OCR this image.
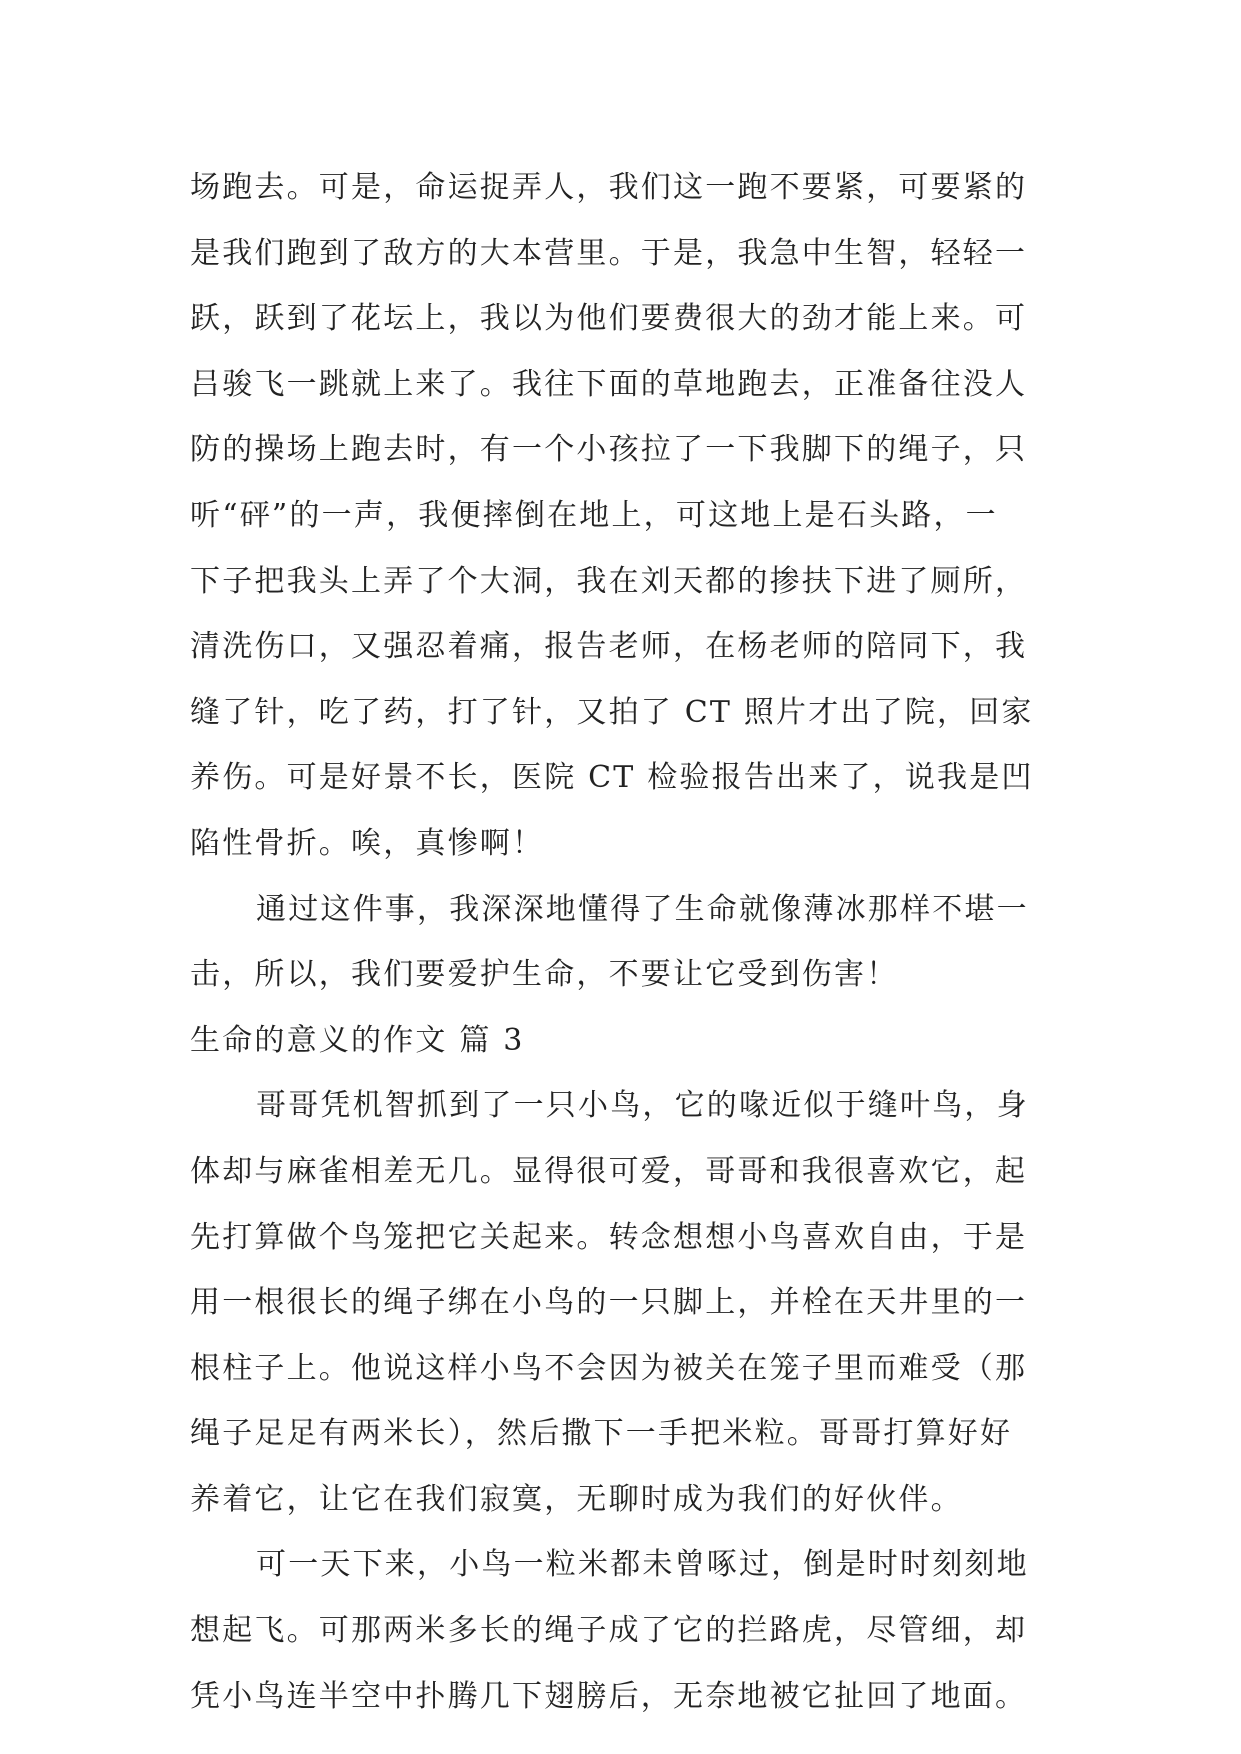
场跑去。可是，命运捉弄人，我们这一跑不要紧，可要紧的
是我们跑到了敌方的大本营里。于是，我急中生智，轻轻一
跃，跃到了花坛上，我以为他们要费很大的劲才能上来。可
吕骏飞一跳就上来了。我往下面的草地跑去，正准备往没人
防的操场上跑去时，有一个小孩拉了一下我脚下的绳子，只
听“砰”的一声，我便摔倒在地上，可这地上是石头路，一
下子把我头上弄了个大洞，我在刘天都的掺扶下进了厕所，
清洗伤口，又强忍着痛，报告老师，在杨老师的陪同下，我
缝了针，吃了药，打了针，又拍了 CT 照片才出了院，回家
养伤。可是好景不长，医院 CT 检验报告出来了，说我是凹
陷性骨折。唉，真惨啊！
通过这件事，我深深地懂得了生命就像薄冰那样不堪一
击，所以，我们要爱护生命，不要让它受到伤害！
生命的意义的作文 篇 3
哥哥凭机智抓到了一只小鸟，它的喙近似于缝叶鸟，身
体却与麻雀相差无几。显得很可爱，哥哥和我很喜欢它，起
先打算做个鸟笼把它关起来。转念想想小鸟喜欢自由，于是
用一根很长的绳子绑在小鸟的一只脚上，并栓在天井里的一
根柱子上。他说这样小鸟不会因为被关在笼子里而难受（那
绳子足足有两米长），然后撒下一手把米粒。哥哥打算好好
养着它，让它在我们寂寞，无聊时成为我们的好伙伴。
可一天下来，小鸟一粒米都未曾啄过，倒是时时刻刻地
想起飞。可那两米多长的绳子成了它的拦路虎，尽管细，却
凭小鸟连半空中扑腾几下翅膀后，无奈地被它扯回了地面。
